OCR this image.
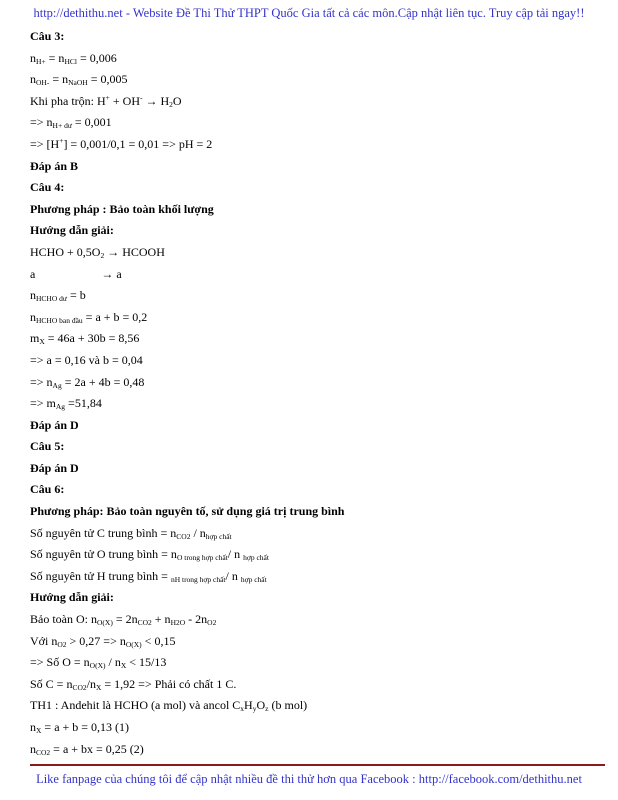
http://dethithu.net - Website Đề Thi Thử THPT Quốc Gia tất cả các môn.Cập nhật liên tục. Truy cập tải ngay!!
Câu 3:
$n_{H+} = n_{HCl} = 0,006$
$n_{OH-} = n_{NaOH} = 0,005$
Khi pha trộn: $H^+ + OH^- \to H_2O$
=> $n_{H+ dư} = 0,001$
=> [H+] = 0,001/0,1 = 0,01 => pH = 2
Đáp án B
Câu 4:
Phương pháp : Bảo toàn khối lượng
Hướng dẫn giải:
HCHO + $0,5O_2$ → HCOOH
a	→ a
$n_{HCHO dư} = b$
$n_{HCHO ban đầu} = a + b = 0,2$
$m_X = 46a + 30b = 8,56$
=> a = 0,16 và b = 0,04
=> $n_{Ag} = 2a + 4b = 0,48$
=> $m_{Ag} =51,84$
Đáp án D
Câu 5:
Đáp án D
Câu 6:
Phương pháp: Bảo toàn nguyên tố, sử dụng giá trị trung bình
Số nguyên tử C trung bình = $n_{CO2} / n_{hợp chất}$
Số nguyên tử O trung bình = $n_{O trong hợp chất}/$ n $_{hợp chất}$
Số nguyên tử H trung bình = $_{nH trong hợp chất}$/ n $_{hợp chất}$
Hướng dẫn giải:
Bảo toàn O: $n_{O(X)} = 2n_{CO2} + n_{H2O} - 2n_{O2}$
Với $n_{O2} > 0,27 => n_{O(X)} < 0,15$
=> Số $O = n_{O(X)} / n_X < 15/13$
Số $C = n_{CO2}/n_X = 1,92$ => Phải có chất 1 C.
TH1 : Andehit là HCHO (a mol) và ancol $C_xH_yO_z$ (b mol)
$n_X = a + b = 0,13$ (1)
$n_{CO2} = a$ + bx = 0,25 (2)
Like fanpage của chúng tôi để cập nhật nhiều đề thi thử hơn qua Facebook : http://facebook.com/dethithu.net
